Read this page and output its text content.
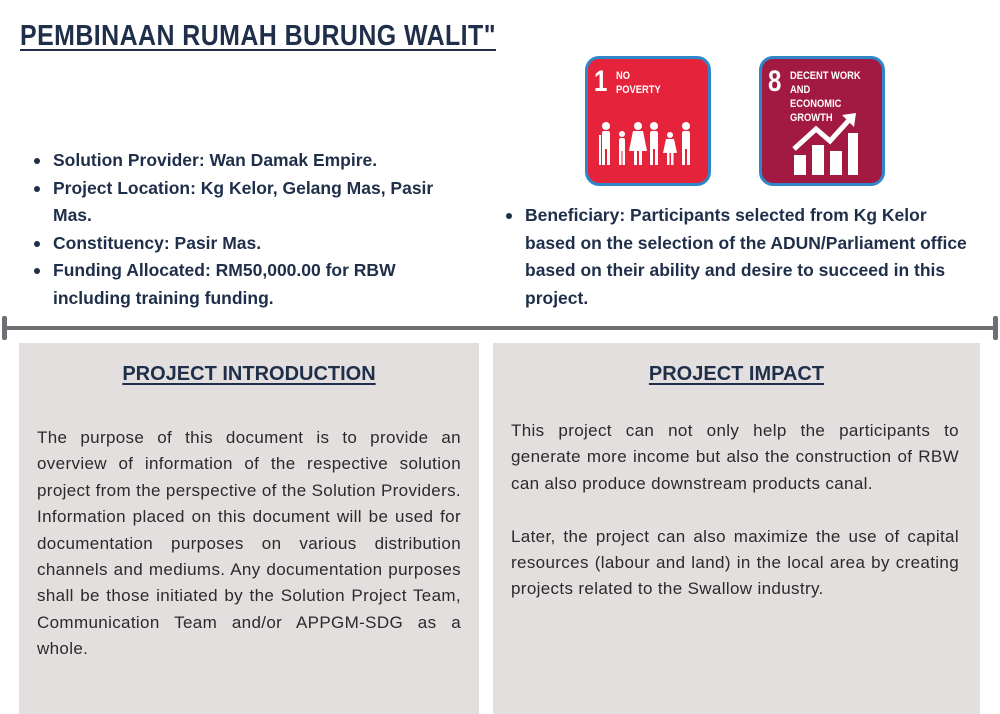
PEMBINAAN RUMAH BURUNG WALIT"
1 NO
POVERTY	8 DECENT WORK AND
ECONOMIC GROWTH
Solution Provider: Wan Damak Empire.
Project Location: Kg Kelor, Gelang Mas, Pasir Mas.
Constituency: Pasir Mas.
Funding Allocated: RM50,000.00 for RBW including training funding.
Beneficiary: Participants selected from Kg Kelor based on the selection of the ADUN/Parliament office based on their ability and desire to succeed in this project.
PROJECT INTRODUCTION

The purpose of this document is to provide an overview of information of the respective solution project from the perspective of the Solution Providers. Information placed on this document will be used for documentation purposes on various distribution channels and mediums. Any documentation purposes shall be those initiated by the Solution Project Team, Communication Team and/or APPGM-SDG as a whole.

PROJECT IMPACT

This project can not only help the participants to generate more income but also the construction of RBW can also produce downstream products canal.

Later, the project can also maximize the use of capital resources (labour and land) in the local area by creating projects related to the Swallow industry.
